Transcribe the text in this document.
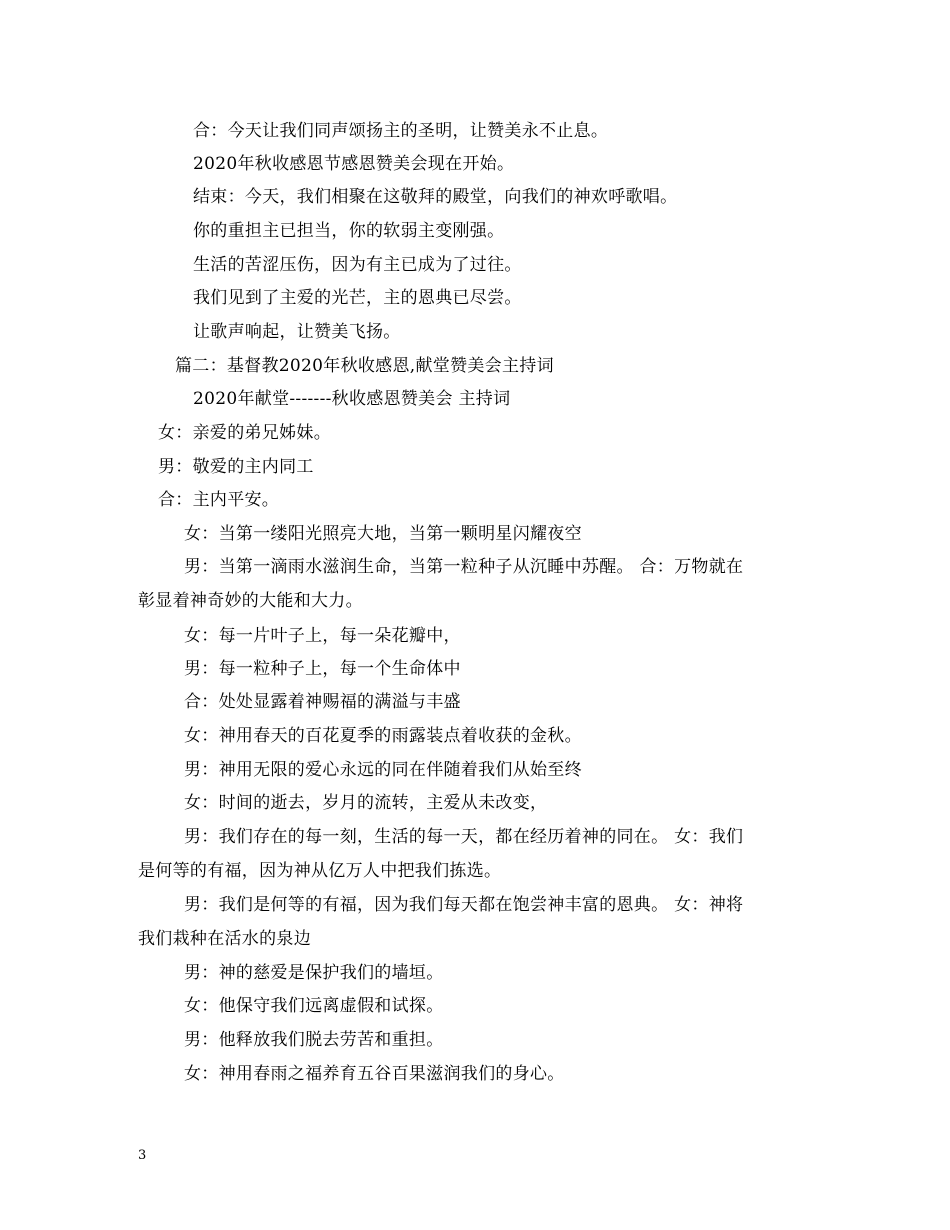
合：今天让我们同声颂扬主的圣明，让赞美永不止息。
2020年秋收感恩节感恩赞美会现在开始。
结束：今天，我们相聚在这敬拜的殿堂，向我们的神欢呼歌唱。
你的重担主已担当，你的软弱主变刚强。
生活的苦涩压伤，因为有主已成为了过往。
我们见到了主爱的光芒，主的恩典已尽尝。
让歌声响起，让赞美飞扬。
篇二：基督教2020年秋收感恩,献堂赞美会主持词
2020年献堂-------秋收感恩赞美会 主持词
女：亲爱的弟兄姊妹。
男：敬爱的主内同工
合：主内平安。
女：当第一缕阳光照亮大地，当第一颗明星闪耀夜空
男：当第一滴雨水滋润生命，当第一粒种子从沉睡中苏醒。 合：万物就在
彰显着神奇妙的大能和大力。
女：每一片叶子上，每一朵花瓣中，
男：每一粒种子上，每一个生命体中
合：处处显露着神赐福的满溢与丰盛
女：神用春天的百花夏季的雨露装点着收获的金秋。
男：神用无限的爱心永远的同在伴随着我们从始至终
女：时间的逝去，岁月的流转，主爱从未改变，
男：我们存在的每一刻，生活的每一天，都在经历着神的同在。 女：我们
是何等的有福，因为神从亿万人中把我们拣选。
男：我们是何等的有福，因为我们每天都在饱尝神丰富的恩典。 女：神将
我们栽种在活水的泉边
男：神的慈爱是保护我们的墙垣。
女：他保守我们远离虚假和试探。
男：他释放我们脱去劳苦和重担。
女：神用春雨之福养育五谷百果滋润我们的身心。
3
